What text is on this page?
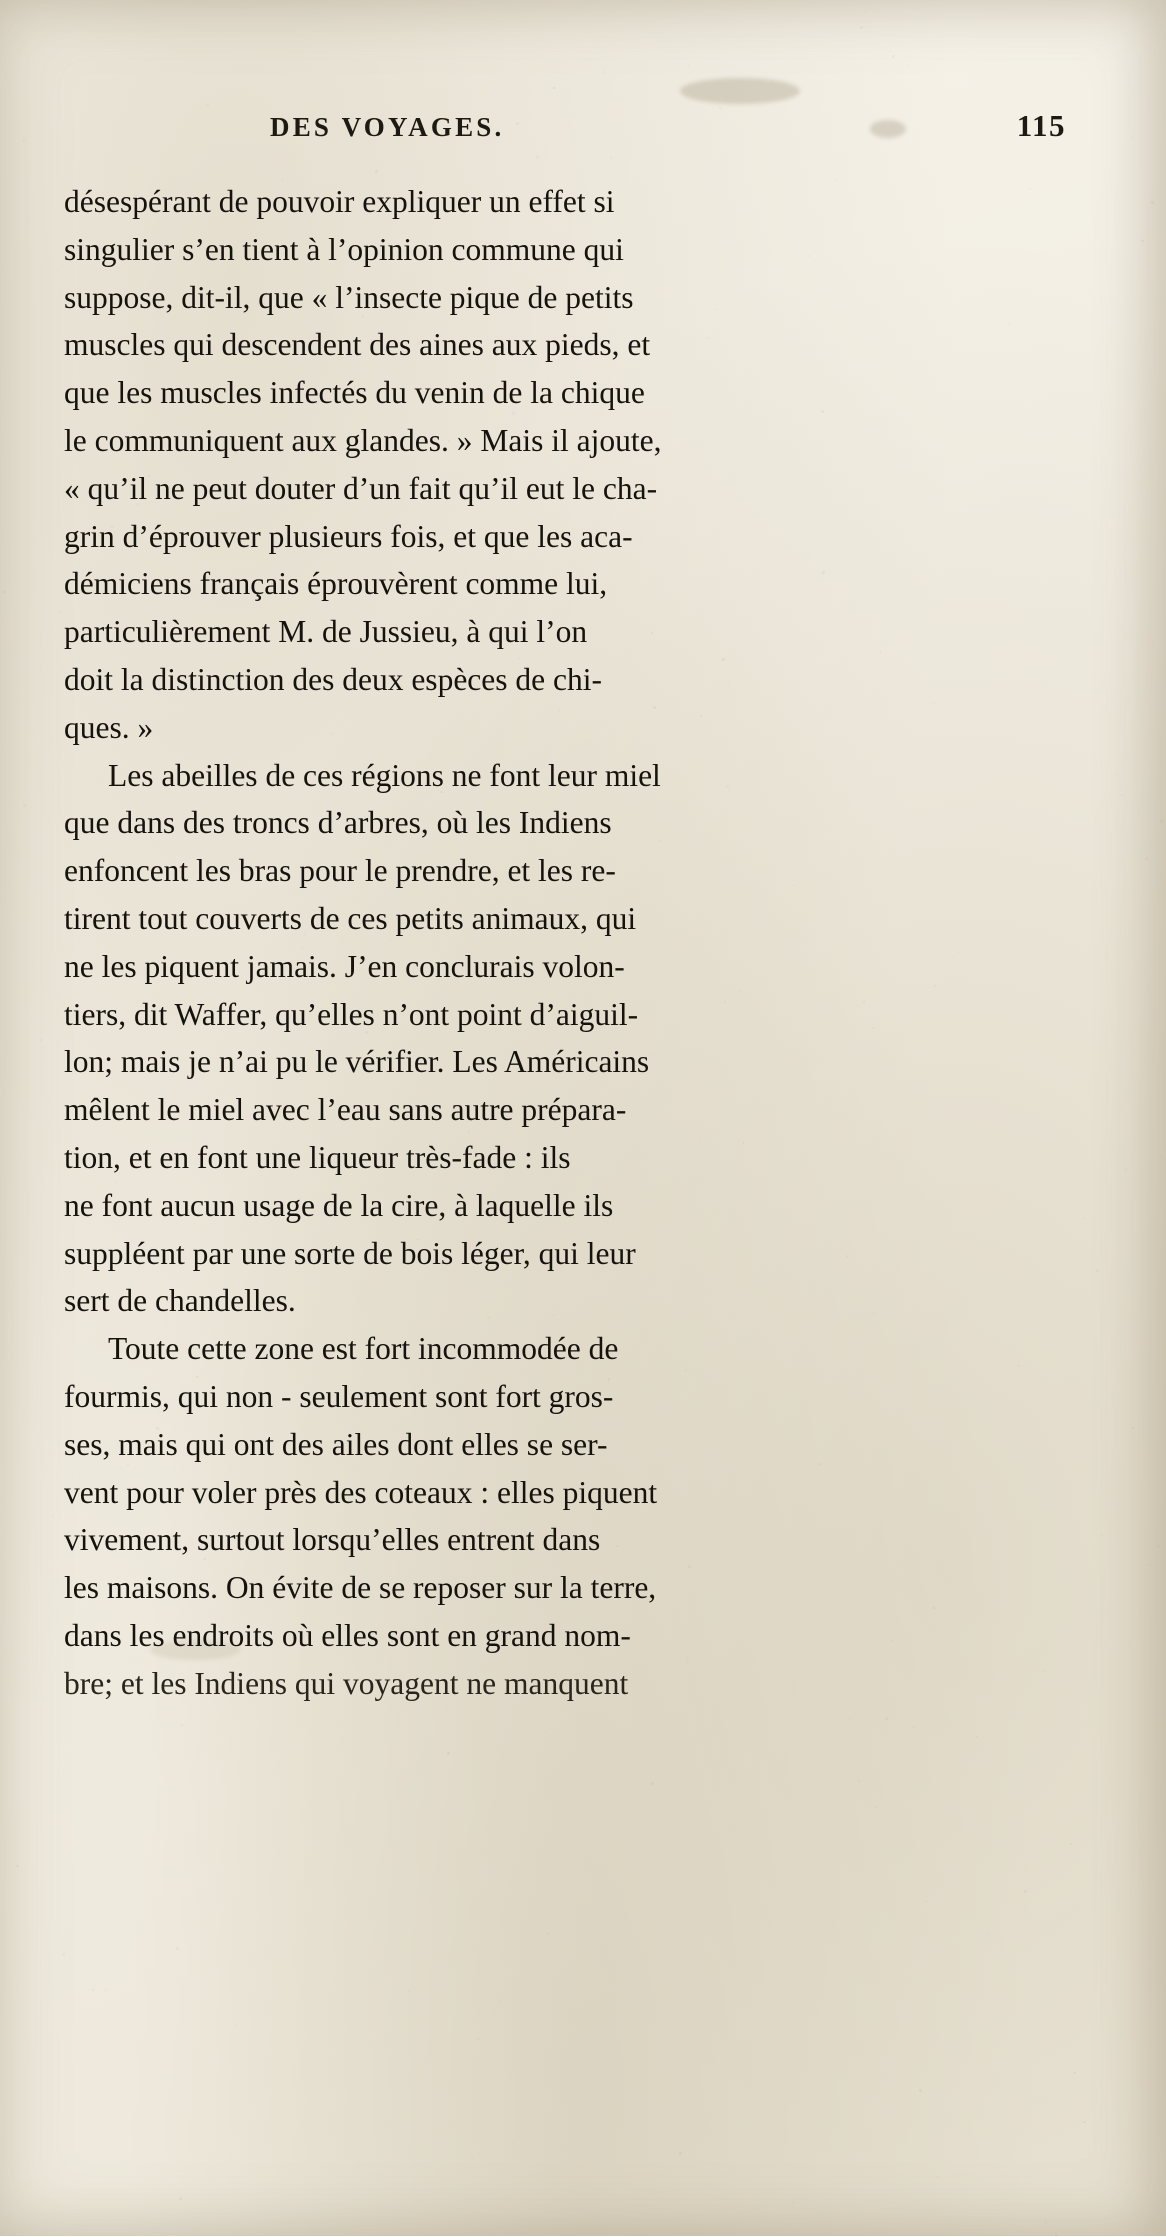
DES VOYAGES.	115

désespérant de pouvoir expliquer un effet si
singulier s’en tient à l’opinion commune qui
suppose, dit-il, que « l’insecte pique de petits
muscles qui descendent des aines aux pieds, et
que les muscles infectés du venin de la chique
le communiquent aux glandes. » Mais il ajoute,
« qu’il ne peut douter d’un fait qu’il eut le cha-
grin d’éprouver plusieurs fois, et que les aca-
démiciens français éprouvèrent comme lui,
particulièrement M. de Jussieu, à qui l’on
doit la distinction des deux espèces de chi-
ques. »

Les abeilles de ces régions ne font leur miel
que dans des troncs d’arbres, où les Indiens
enfoncent les bras pour le prendre, et les re-
tirent tout couverts de ces petits animaux, qui
ne les piquent jamais. J’en conclurais volon-
tiers, dit Waffer, qu’elles n’ont point d’aiguil-
lon; mais je n’ai pu le vérifier. Les Américains
mêlent le miel avec l’eau sans autre prépara-
tion, et en font une liqueur très-fade : ils
ne font aucun usage de la cire, à laquelle ils
suppléent par une sorte de bois léger, qui leur
sert de chandelles.

Toute cette zone est fort incommodée de
fourmis, qui non - seulement sont fort gros-
ses, mais qui ont des ailes dont elles se ser-
vent pour voler près des coteaux : elles piquent
vivement, surtout lorsqu’elles entrent dans
les maisons. On évite de se reposer sur la terre,
dans les endroits où elles sont en grand nom-
bre; et les Indiens qui voyagent ne manquent
